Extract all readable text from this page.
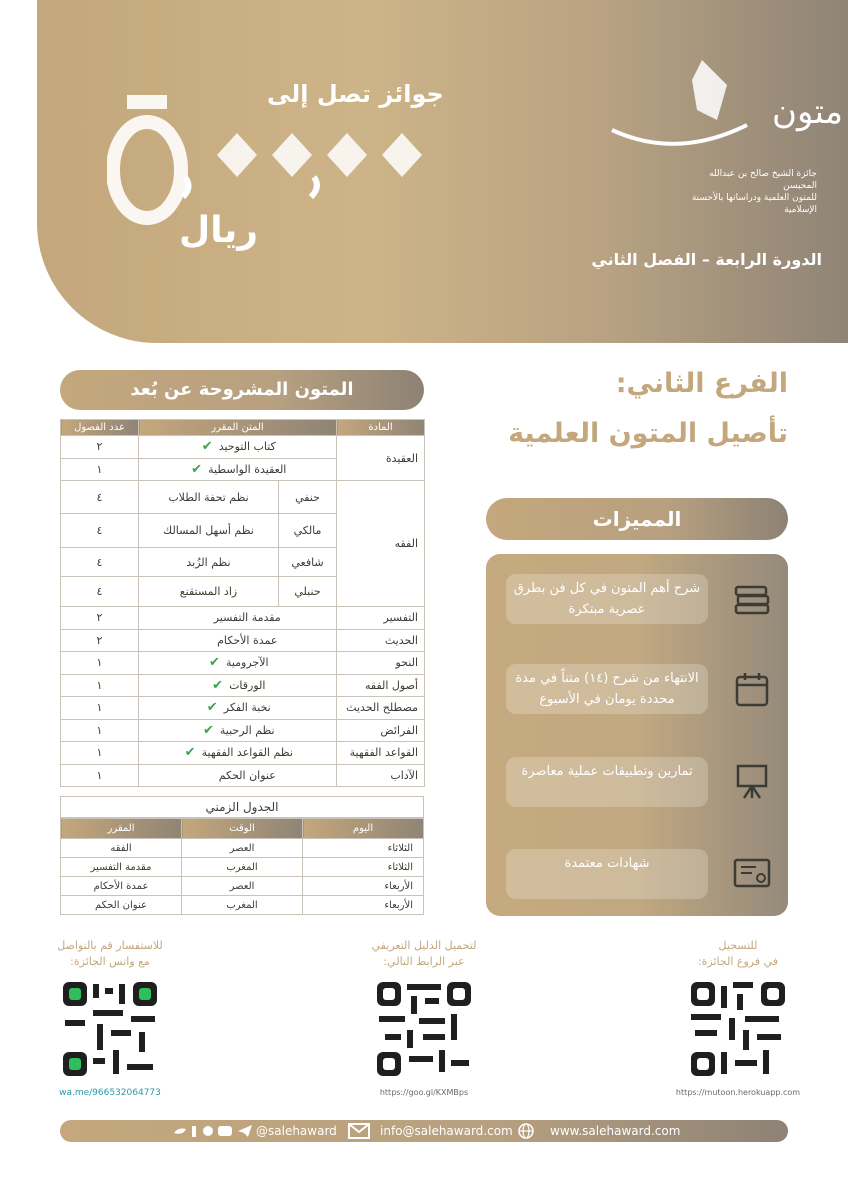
جوائز تصل إلى
٥٠٠,٠٠٠
ريال
متون
جائزة الشيخ صالح بن عبدالله المحيسن
للمتون العلمية ودراساتها بالأحسنة الإسلامية
الدورة الرابعة – الفصل الثاني
المتون المشروحة عن بُعد	الفرع الثاني:
تأصيل المتون العلمية
المميزات
شرح أهم المتون في كل فن بطرق عصرية مبتكرة
الانتهاء من شرح (١٤) متناً في مدة محددة يومان في الأسبوع
تمارين وتطبيقات عملية معاصرة
شهادات معتمدة
المادة	المتن المقرر		عدد الفصول
العقيدة	كتاب التوحيد ✔		٢
	العقيدة الواسطية ✔		١
الفقه	حنفي	نظم تحفة الطلاب	٤
	مالكي	نظم أسهل المسالك	٤
	شافعي	نظم الزُبد	٤
	حنبلي	زاد المستقنع	٤
التفسير	مقدمة التفسير		٢
الحديث	عمدة الأحكام		٢
النحو	الآجرومية ✔		١
أصول الفقه	الورقات ✔		١
مصطلح الحديث	نخبة الفكر ✔		١
الفرائض	نظم الرحبية ✔		١
القواعد الفقهية	نظم القواعد الفقهية ✔		١
الآداب	عنوان الحكم		١
الجدول الزمني
اليوم	الوقت	المقرر
الثلاثاء	العصر	الفقه
الثلاثاء	المغرب	مقدمة التفسير
الأربعاء	العصر	عمدة الأحكام
الأربعاء	المغرب	عنوان الحكم
للاستفسار قم بالتواصل
مع واتس الجائزة:
wa.me/966532064773
لتحميل الدليل التعريفي
عبر الرابط التالي:
https://goo.gl/KXMBps
للتسجيل
في فروع الجائزة:
https://mutoon.herokuapp.com
@salehaward	info@salehaward.com	www.salehaward.com
